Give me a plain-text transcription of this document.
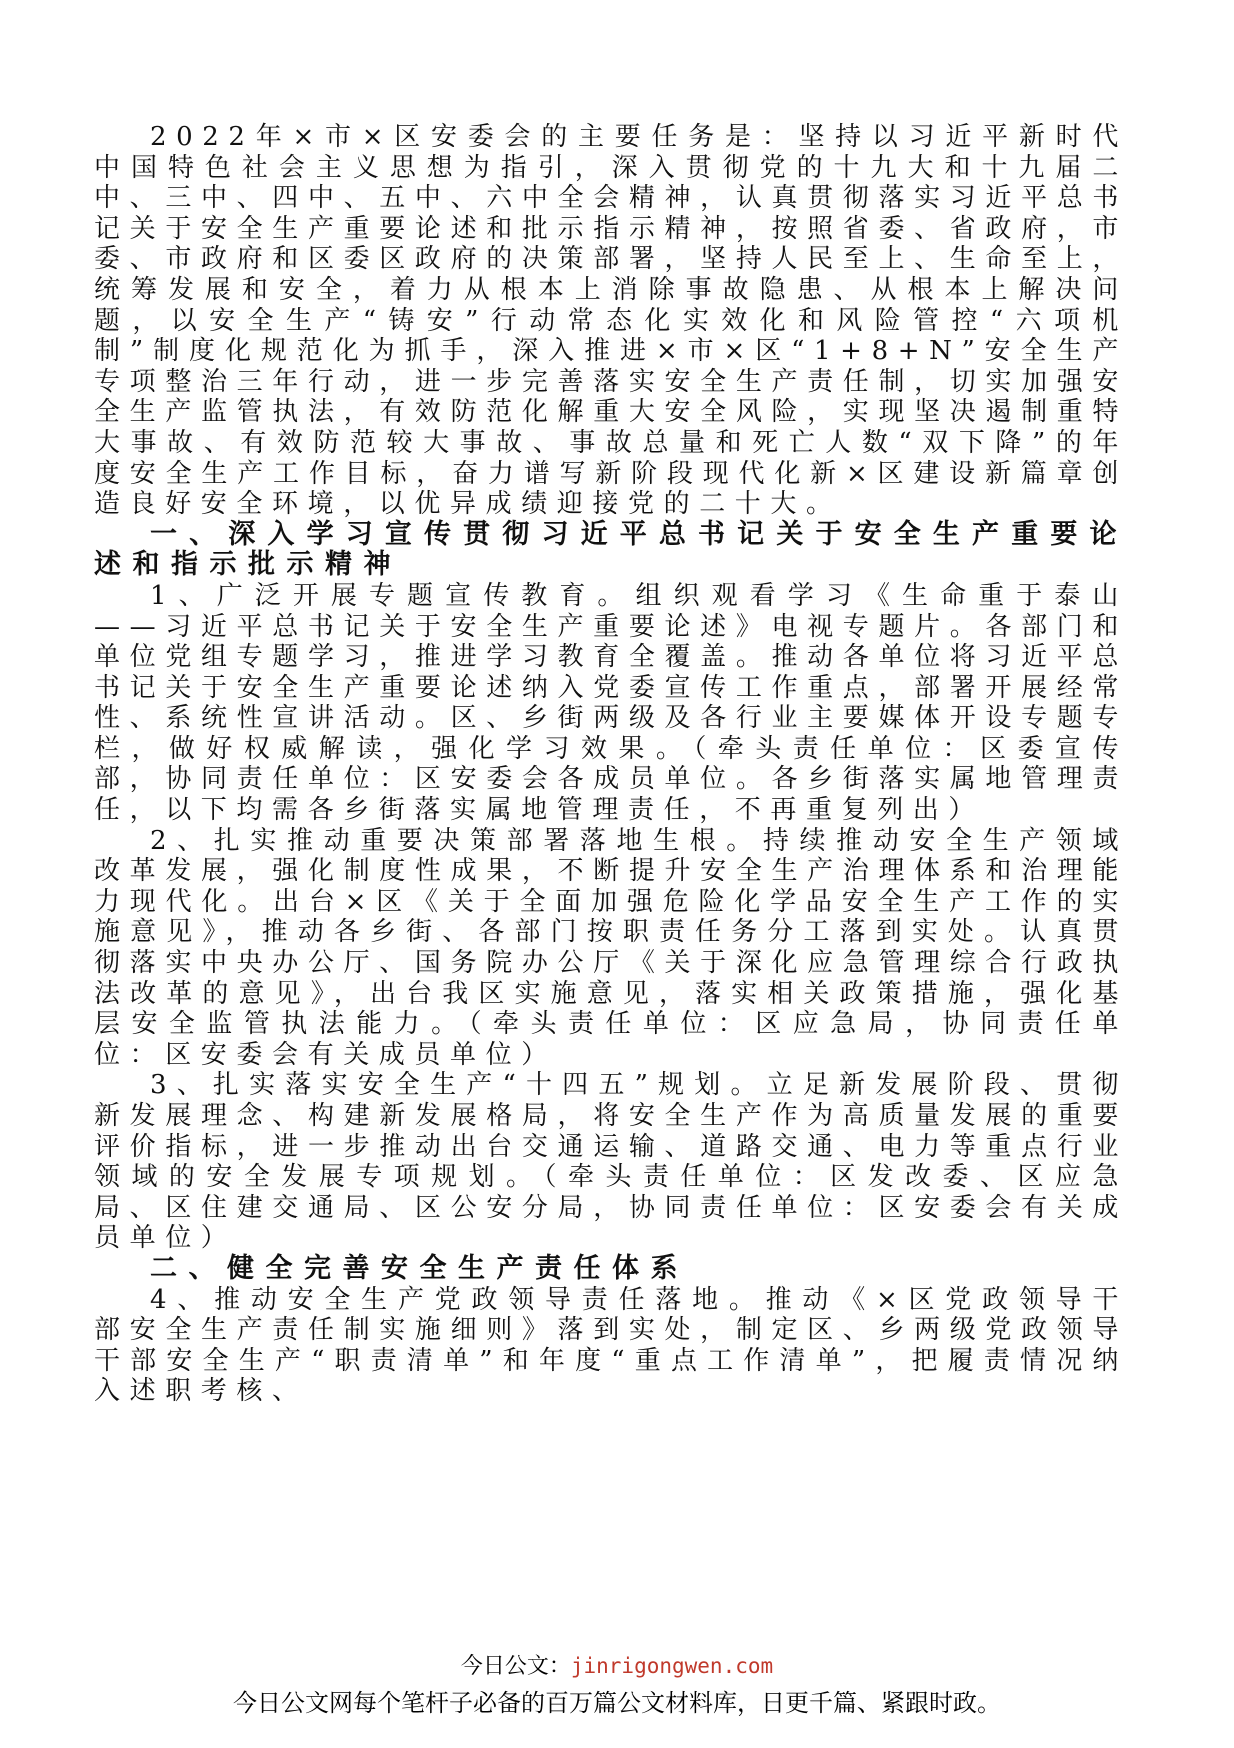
2022年×市×区安委会的主要任务是：坚持以习近平新时代中国特色社会主义思想为指引，深入贯彻党的十九大和十九届二中、三中、四中、五中、六中全会精神，认真贯彻落实习近平总书记关于安全生产重要论述和批示指示精神，按照省委、省政府，市委、市政府和区委区政府的决策部署，坚持人民至上、生命至上，统筹发展和安全，着力从根本上消除事故隐患、从根本上解决问题，以安全生产“铸安”行动常态化实效化和风险管控“六项机制”制度化规范化为抓手，深入推进×市×区“1+8+N”安全生产专项整治三年行动，进一步完善落实安全生产责任制，切实加强安全生产监管执法，有效防范化解重大安全风险，实现坚决遏制重特大事故、有效防范较大事故、事故总量和死亡人数“双下降”的年度安全生产工作目标，奋力谱写新阶段现代化新×区建设新篇章创造良好安全环境，以优异成绩迎接党的二十大。

一、深入学习宣传贯彻习近平总书记关于安全生产重要论述和指示批示精神

1、广泛开展专题宣传教育。组织观看学习《生命重于泰山——习近平总书记关于安全生产重要论述》电视专题片。各部门和单位党组专题学习，推进学习教育全覆盖。推动各单位将习近平总书记关于安全生产重要论述纳入党委宣传工作重点，部署开展经常性、系统性宣讲活动。区、乡街两级及各行业主要媒体开设专题专栏，做好权威解读，强化学习效果。（牵头责任单位：区委宣传部，协同责任单位：区安委会各成员单位。各乡街落实属地管理责任，以下均需各乡街落实属地管理责任，不再重复列出）

2、扎实推动重要决策部署落地生根。持续推动安全生产领域改革发展，强化制度性成果，不断提升安全生产治理体系和治理能力现代化。出台×区《关于全面加强危险化学品安全生产工作的实施意见》，推动各乡街、各部门按职责任务分工落到实处。认真贯彻落实中央办公厅、国务院办公厅《关于深化应急管理综合行政执法改革的意见》，出台我区实施意见，落实相关政策措施，强化基层安全监管执法能力。（牵头责任单位：区应急局，协同责任单位：区安委会有关成员单位）

3、扎实落实安全生产“十四五”规划。立足新发展阶段、贯彻新发展理念、构建新发展格局，将安全生产作为高质量发展的重要评价指标，进一步推动出台交通运输、道路交通、电力等重点行业领域的安全发展专项规划。（牵头责任单位：区发改委、区应急局、区住建交通局、区公安分局，协同责任单位：区安委会有关成员单位）

二、健全完善安全生产责任体系

4、推动安全生产党政领导责任落地。推动《×区党政领导干部安全生产责任制实施细则》落到实处，制定区、乡两级党政领导干部安全生产“职责清单”和年度“重点工作清单”，把履责情况纳入述职考核、

今日公文：jinrigongwen.com
今日公文网每个笔杆子必备的百万篇公文材料库，日更千篇、紧跟时政。
